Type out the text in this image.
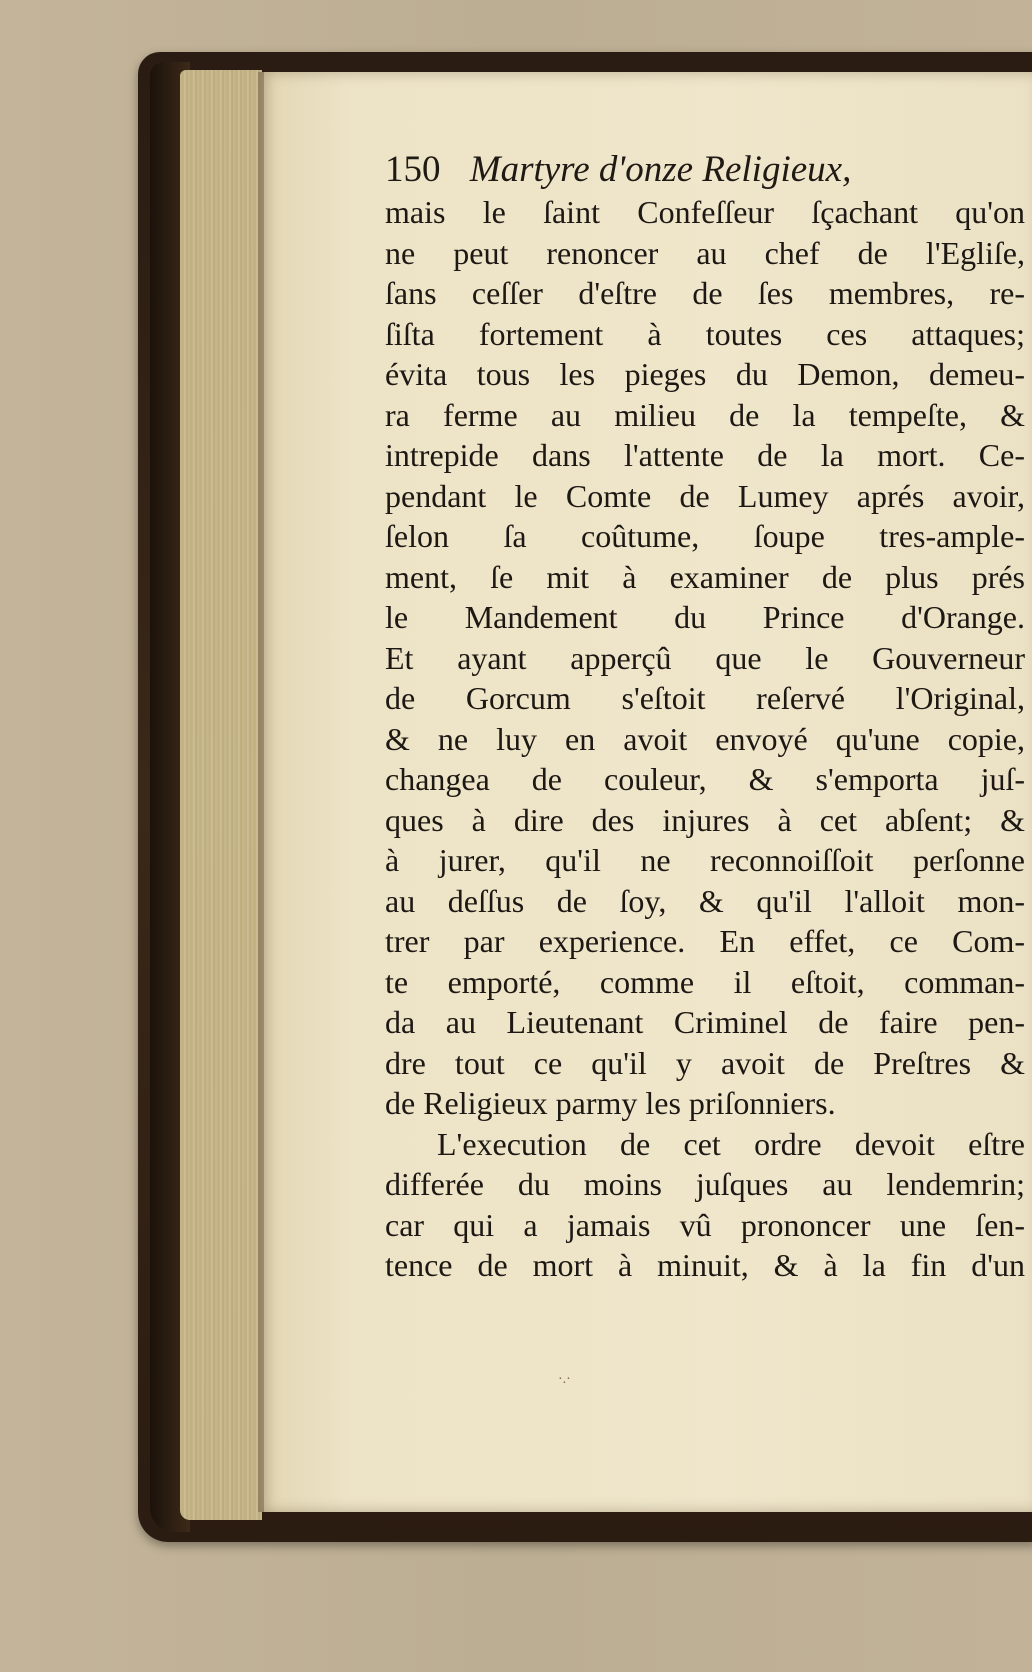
150 Martyre d'onze Religieux,
mais le ſaint Confeſſeur ſçachant qu'on
ne peut renoncer au chef de l'Egliſe,
ſans ceſſer d'eſtre de ſes membres, re-
ſiſta fortement à toutes ces attaques;
évita tous les pieges du Demon, demeu-
ra ferme au milieu de la tempeſte, &
intrepide dans l'attente de la mort. Ce-
pendant le Comte de Lumey aprés avoir,
ſelon ſa coûtume, ſoupe tres-ample-
ment, ſe mit à examiner de plus prés
le Mandement du Prince d'Orange.
Et ayant apperçû que le Gouverneur
de Gorcum s'eſtoit reſervé l'Original,
& ne luy en avoit envoyé qu'une copie,
changea de couleur, & s'emporta juſ-
ques à dire des injures à cet abſent; &
à jurer, qu'il ne reconnoiſſoit perſonne
au deſſus de ſoy, & qu'il l'alloit mon-
trer par experience. En effet, ce Com-
te emporté, comme il eſtoit, comman-
da au Lieutenant Criminel de faire pen-
dre tout ce qu'il y avoit de Preſtres &
de Religieux parmy les priſonniers.
L'execution de cet ordre devoit eſtre
differée du moins juſques au lendemrin;
car qui a jamais vû prononcer une ſen-
tence de mort à minuit, & à la fin d'un
·.·
